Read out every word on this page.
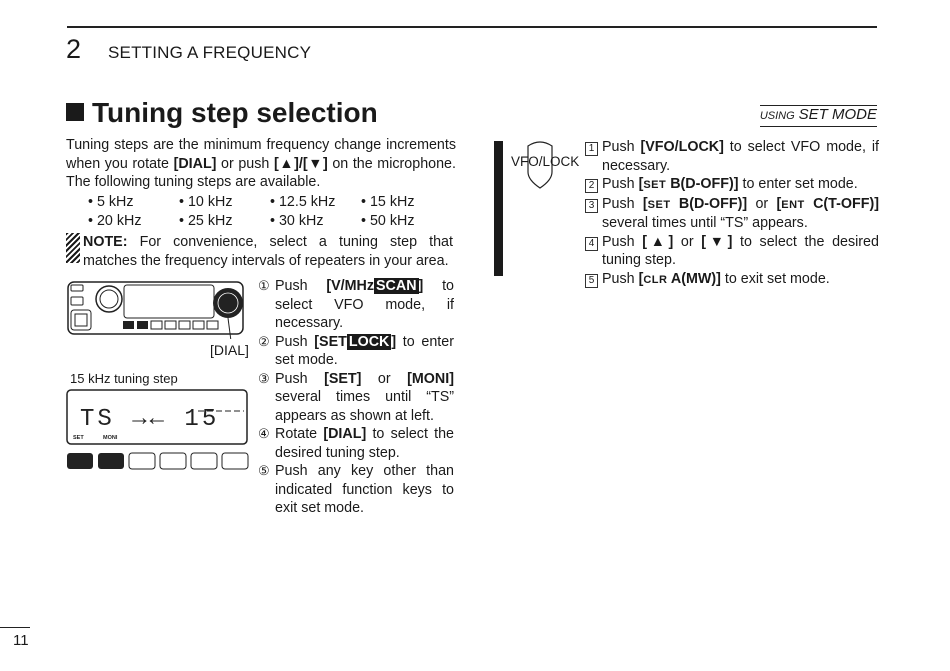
2 SETTING A FREQUENCY
Tuning step selection	USING SET MODE
Tuning steps are the minimum frequency change increments when you rotate [DIAL] or push [▲]/[▼] on the microphone. The following tuning steps are available.
• 5 kHz	• 10 kHz	• 12.5 kHz	• 15 kHz
• 20 kHz	• 25 kHz	• 30 kHz	• 50 kHz
NOTE: For convenience, select a tuning step that matches the frequency intervals of repeaters in your area.
[DIAL]
15 kHz tuning step
TS →← 15
SET	MONI
① Push [V/MHz SCAN ] to select VFO mode, if necessary.
② Push [SET LOCK ] to enter set mode.
③ Push [SET] or [MONI] several times until “TS” appears as shown at left.
④ Rotate [DIAL] to select the desired tuning step.
⑤ Push any key other than indicated function keys to exit set mode.
VFO/LOCK
1 Push [VFO/LOCK] to select VFO mode, if necessary.
2 Push [SET B(D-OFF)] to enter set mode.
3 Push [SET B(D-OFF)] or [ENT C(T-OFF)] several times until “TS” appears.
4 Push [▲] or [▼] to select the desired tuning step.
5 Push [CLR A(MW)] to exit set mode.
11
